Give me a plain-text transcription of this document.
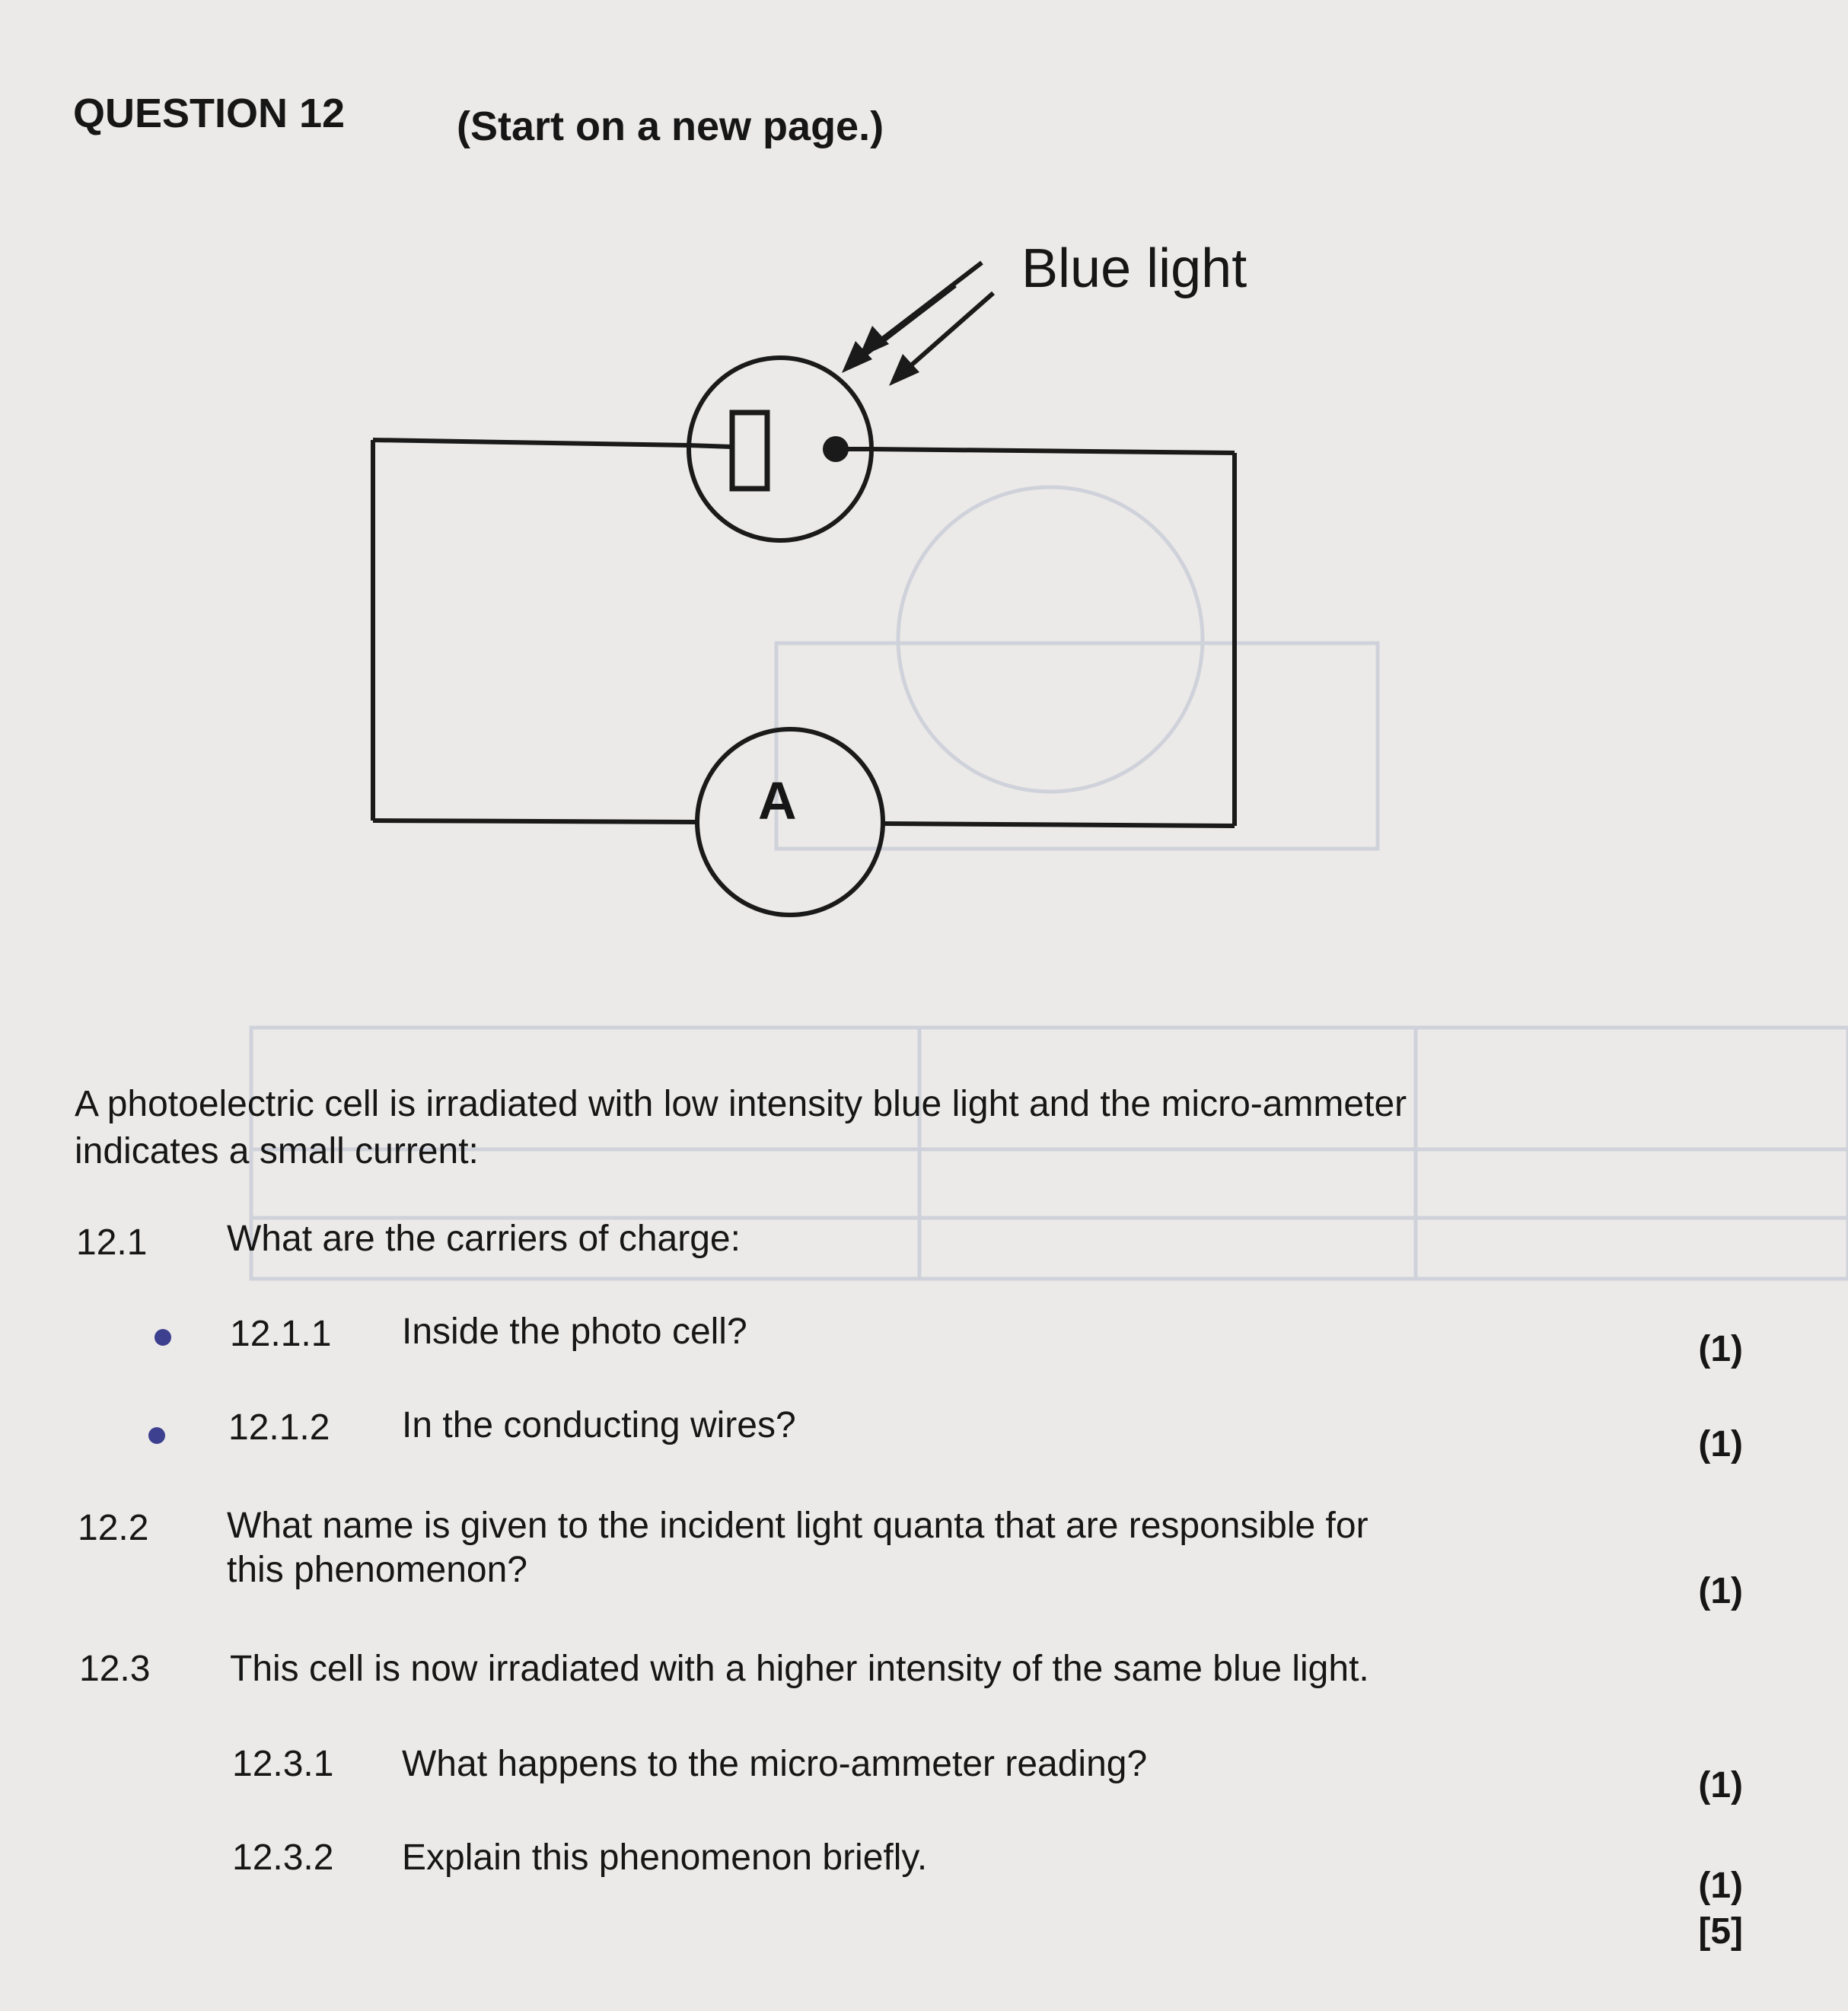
QUESTION 12	(Start on a new page.)
Blue light
A
A photoelectric cell is irradiated with low intensity blue light and the micro-ammeter
indicates a small current:
12.1 What are the carriers of charge:
12.1.1 Inside the photo cell?	(1)
12.1.2 In the conducting wires?	(1)
12.2 What name is given to the incident light quanta that are responsible for
this phenomenon?
(1)
12.3 This cell is now irradiated with a higher intensity of the same blue light.
12.3.1 What happens to the micro-ammeter reading?
(1)
12.3.2 Explain this phenomenon briefly.
(1)
[5]
